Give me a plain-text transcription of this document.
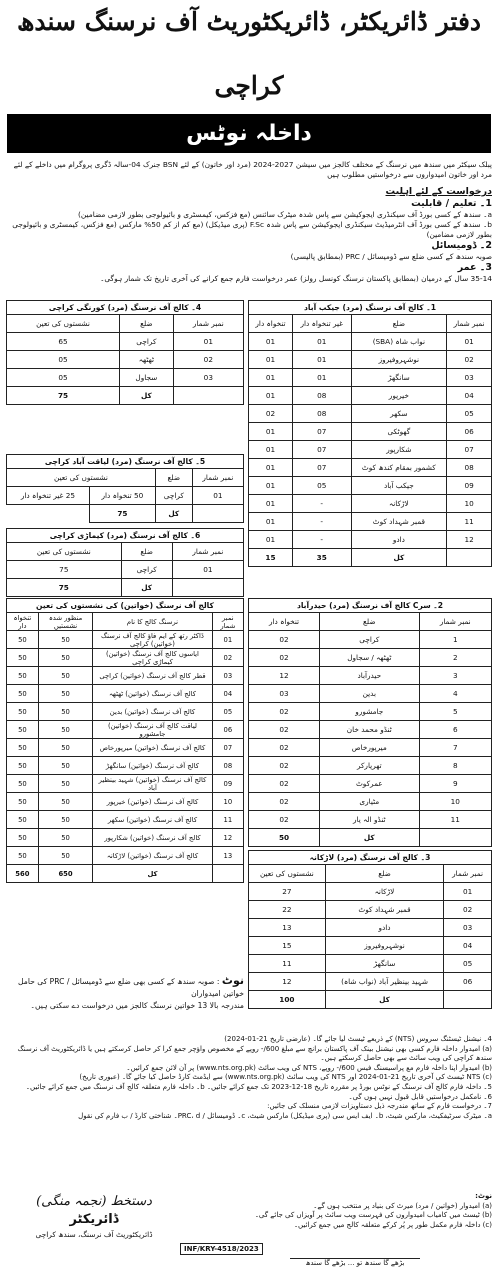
دفتر ڈائریکٹر، ڈائریکٹوریٹ آف نرسنگ سندھ
کراچی
داخلہ نوٹس
پبلک سیکٹر میں سندھ میں نرسنگ کے مختلف کالجز میں سیشن 2027-2024 (مرد اور خاتون) کے لئے BSN جنرک 04-سالہ ڈگری پروگرام میں داخلے کے لئے مرد اور خاتون امیدواروں سے درخواستیں مطلوب ہیں
درخواست کے لئے اہلیت
1۔ تعلیم / قابلیت
a۔ سندھ کے کسی بورڈ آف سیکنڈری ایجوکیشن سے پاس شدہ میٹرک سائنس (مع فزکس، کیمسٹری و بائیولوجی بطور لازمی مضامین)
b۔ سندھ کے کسی بورڈ آف انٹرمیڈیٹ سیکنڈری ایجوکیشن سے پاس شدہ F.Sc (پری میڈیکل) (مع کم از کم 50% مارکس (مع فزکس، کیمسٹری و بائیولوجی بطور لازمی مضامین)
2۔ ڈومیسائل
صوبہ سندھ کے کسی ضلع سے ڈومیسائل / PRC (بمطابق پالیسی)
3۔ عمر
35-14 سال کے درمیان (بمطابق پاکستان نرسنگ کونسل رولز) عمر درخواست فارم جمع کرانے کی آخری تاریخ تک شمار ہوگی۔
1۔ کالج آف نرسنگ (مرد) جیکب آباد
نمبر شمار	ضلع	غیر تنخواہ دار	تنخواہ دار
01	نواب شاہ (SBA)	01	01
02	نوشہروفیروز	01	01
03	سانگھڑ	01	01
04	خیرپور	08	01
05	سکھر	08	02
06	گھوٹکی	07	01
07	شکارپور	07	01
08	کشمور بمقام کندھ کوٹ	07	01
09	جیکب آباد	05	01
10	لاڑکانہ	-	01
11	قمبر شہداد کوٹ	-	01
12	دادو	-	01
	کل	35	15
4۔ کالج آف نرسنگ (مرد) کورنگی کراچی
نمبر شمار	ضلع	نشستوں کی تعین
01	کراچی	65
02	ٹھٹھہ	05
03	سجاول	05
	کل	75
5۔ کالج آف نرسنگ (مرد) لیاقت آباد کراچی
نمبر شمار	ضلع	نشستوں کی تعین	
01	کراچی	50 تنخواہ دار	25 غیر تنخواہ دار
	کل	75	
6۔ کالج آف نرسنگ (مرد) کیماڑی کراچی
نمبر شمار	ضلع	نشستوں کی تعین
01	کراچی	75
	کل	75
2۔ سرC کالج آف نرسنگ (مرد) حیدرآباد
نمبر شمار	ضلع	تنخواہ دار
1	کراچی	02
2	ٹھٹھہ / سجاول	02
3	حیدرآباد	12
4	بدین	03
5	جامشورو	02
6	ٹنڈو محمد خان	02
7	میرپورخاص	02
8	تھرپارکر	02
9	عمرکوٹ	02
10	مٹیاری	02
11	ٹنڈو الہ یار	02
	کل	50
3۔ کالج آف نرسنگ (مرد) لاڑکانہ
نمبر شمار	ضلع	نشستوں کی تعین
01	لاڑکانہ	27
02	قمبر شہداد کوٹ	22
03	دادو	13
04	نوشہروفیروز	15
05	سانگھڑ	11
06	شہید بینظیر آباد (نواب شاہ)	12
	کل	100
کالج آف نرسنگ (خواتین) کی نشستوں کی تعین
نمبر شمار	نرسنگ کالج کا نام	منظور شدہ نشستیں	تنخواہ دار
01	ڈاکٹر رتھ کے ایم فاؤ کالج آف نرسنگ (خواتین) کراچی	50	50
02	ایاسوں کالج آف نرسنگ (خواتین) کیماڑی کراچی	50	50
03	قطر کالج آف نرسنگ (خواتین) کراچی	50	50
04	کالج آف نرسنگ (خواتین) ٹھٹھہ	50	50
05	کالج آف نرسنگ (خواتین) بدین	50	50
06	لیاقت کالج آف نرسنگ (خواتین) جامشورو	50	50
07	کالج آف نرسنگ (خواتین) میرپورخاص	50	50
08	کالج آف نرسنگ (خواتین) سانگھڑ	50	50
09	کالج آف نرسنگ (خواتین) شہید بینظیر آباد	50	50
10	کالج آف نرسنگ (خواتین) خیرپور	50	50
11	کالج آف نرسنگ (خواتین) سکھر	50	50
12	کالج آف نرسنگ (خواتین) شکارپور	50	50
13	کالج آف نرسنگ (خواتین) لاڑکانہ	50	50
	کل	650	560
نوٹ : صوبہ سندھ کے کسی بھی ضلع سے ڈومیسائل / PRC کی حامل خواتین امیدواران
مندرجہ بالا 13 خواتین نرسنگ کالجز میں درخواست دے سکتی ہیں۔
4۔ نیشنل ٹیسٹنگ سروس (NTS) کے ذریعے ٹیسٹ لیا جائے گا۔ (عارضی تاریخ 21-01-2024)
(a) امیدوار داخلہ فارم کسی بھی نیشنل بینک آف پاکستان برانچ سے مبلغ 600/- روپے کے مخصوص واؤچر جمع کرا کر حاصل کرسکتے ہیں یا ڈائریکٹوریٹ آف نرسنگ سندھ کراچی کی ویب سائٹ سے بھی حاصل کرسکتے ہیں۔
(b) امیدوار اپنا داخلہ فارم مع پراسیسنگ فیس 600/- روپے، NTS کی ویب سائٹ (www.nts.org.pk) پر آن لائن جمع کرائیں۔
(c) NTS ٹیسٹ کی آخری تاریخ 21-01-2024 اور NTS کی ویب سائٹ (www.nts.org.pk) سے ایڈمٹ کارڈ حاصل کیا جائے گا۔ (عبوری تاریخ)
5۔ داخلہ فارم کالج آف نرسنگ کے نوٹس بورڈ پر مقررہ تاریخ 18-12-2023 تک جمع کرائے جائیں۔ b۔ داخلہ فارم متعلقہ کالج آف نرسنگ میں جمع کرائے جائیں۔
6۔ نامکمل درخواستیں قابل قبول نہیں ہوں گی۔
7۔ درخواست فارم کے ساتھ مندرجہ ذیل دستاویزات لازمی منسلک کی جائیں:
a۔ میٹرک سرٹیفکیٹ، مارکس شیٹ، b۔ ایف ایس سی (پری میڈیکل) مارکس شیٹ، c۔ ڈومیسائل / PRC، d۔ شناختی کارڈ / ب فارم کی نقول
نوٹ:
(a) امیدوار (خواتین / مرد) میرٹ کی بنیاد پر منتخب ہوں گے۔
(b) ٹیسٹ میں کامیاب امیدواروں کی فہرست ویب سائٹ پر آویزاں کی جائے گی۔
(c) داخلہ فارم مکمل طور پر پُر کرکے متعلقہ کالج میں جمع کرائیں۔
دستخط (نجمہ منگی)
ڈائریکٹر
ڈائریکٹوریٹ آف نرسنگ، سندھ کراچی
INF/KRY-4518/2023
بڑھے گا سندھ تو ... بڑھے گا سندھ
